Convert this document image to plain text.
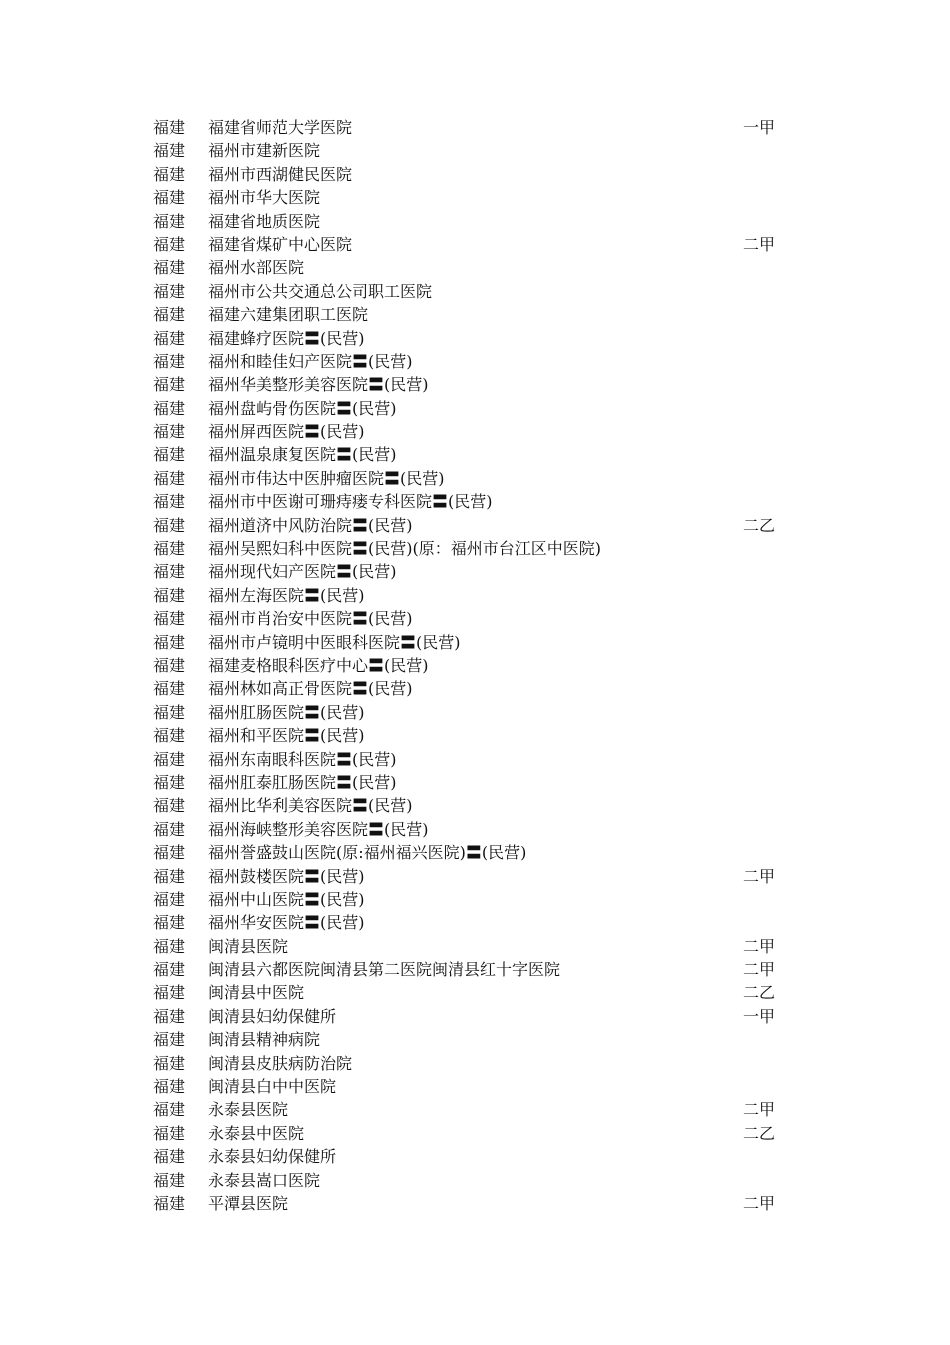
福建 福建省师范大学医院	一甲
福建 福州市建新医院
福建 福州市西湖健民医院
福建 福州市华大医院
福建 福建省地质医院
福建 福建省煤矿中心医院	二甲
福建 福州水部医院
福建 福州市公共交通总公司职工医院
福建 福建六建集团职工医院
福建 福建蜂疗医院〓(民营)
福建 福州和睦佳妇产医院〓(民营)
福建 福州华美整形美容医院〓(民营)
福建 福州盘屿骨伤医院〓(民营)
福建 福州屏西医院〓(民营)
福建 福州温泉康复医院〓(民营)
福建 福州市伟达中医肿瘤医院〓(民营)
福建 福州市中医谢可珊痔瘘专科医院〓(民营)
福建 福州道济中风防治院〓(民营)	二乙
福建 福州吴熙妇科中医院〓(民营)(原：福州市台江区中医院)
福建 福州现代妇产医院〓(民营)
福建 福州左海医院〓(民营)
福建 福州市肖治安中医院〓(民营)
福建 福州市卢镜明中医眼科医院〓(民营)
福建 福建麦格眼科医疗中心〓(民营)
福建 福州林如高正骨医院〓(民营)
福建 福州肛肠医院〓(民营)
福建 福州和平医院〓(民营)
福建 福州东南眼科医院〓(民营)
福建 福州肛泰肛肠医院〓(民营)
福建 福州比华利美容医院〓(民营)
福建 福州海峡整形美容医院〓(民营)
福建 福州誉盛鼓山医院(原:福州福兴医院)〓(民营)
福建 福州鼓楼医院〓(民营)	二甲
福建 福州中山医院〓(民营)
福建 福州华安医院〓(民营)
福建 闽清县医院	二甲
福建 闽清县六都医院闽清县第二医院闽清县红十字医院	二甲
福建 闽清县中医院	二乙
福建 闽清县妇幼保健所	一甲
福建 闽清县精神病院
福建 闽清县皮肤病防治院
福建 闽清县白中中医院
福建 永泰县医院	二甲
福建 永泰县中医院	二乙
福建 永泰县妇幼保健所
福建 永泰县嵩口医院
福建 平潭县医院	二甲
